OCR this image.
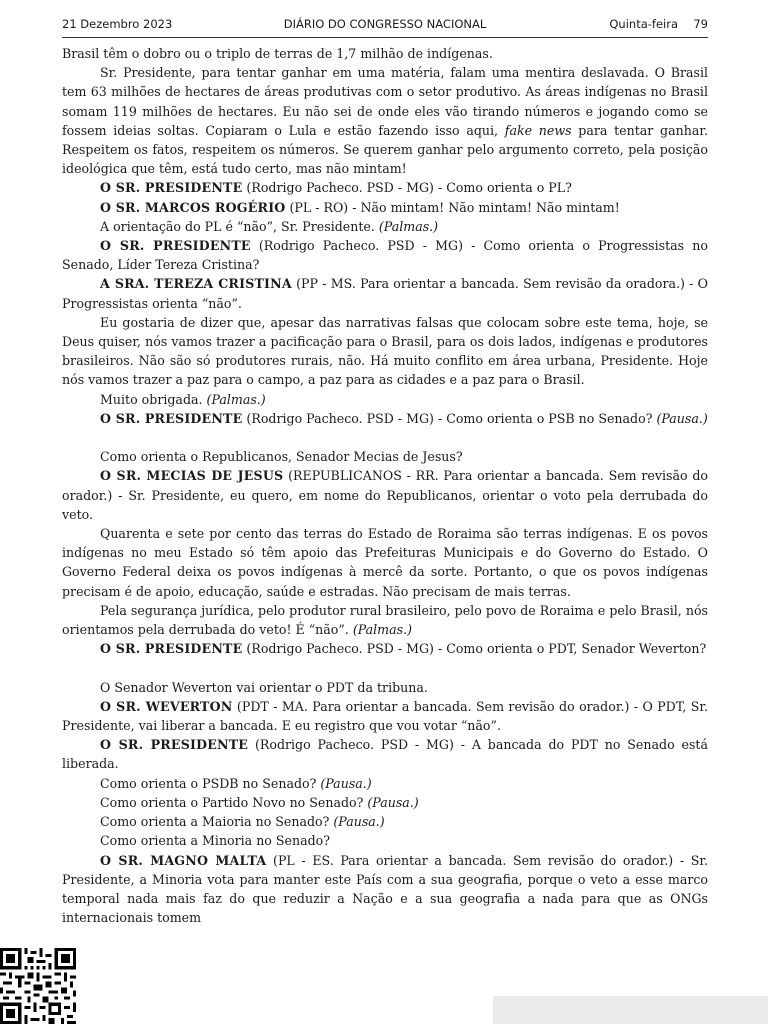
21 Dezembro 2023	DIÁRIO DO CONGRESSO NACIONAL	Quinta-feira 79

Brasil têm o dobro ou o triplo de terras de 1,7 milhão de indígenas.

Sr. Presidente, para tentar ganhar em uma matéria, falam uma mentira deslavada. O Brasil tem 63 milhões de hectares de áreas produtivas com o setor produtivo. As áreas indígenas no Brasil somam 119 milhões de hectares. Eu não sei de onde eles vão tirando números e jogando como se fossem ideias soltas. Copiaram o Lula e estão fazendo isso aqui, fake news para tentar ganhar. Respeitem os fatos, respeitem os números. Se querem ganhar pelo argumento correto, pela posição ideológica que têm, está tudo certo, mas não mintam!

O SR. PRESIDENTE (Rodrigo Pacheco. PSD - MG) - Como orienta o PL?

O SR. MARCOS ROGÉRIO (PL - RO) - Não mintam! Não mintam! Não mintam!

A orientação do PL é “não”, Sr. Presidente. (Palmas.)

O SR. PRESIDENTE (Rodrigo Pacheco. PSD - MG) - Como orienta o Progressistas no Senado, Líder Tereza Cristina?

A SRA. TEREZA CRISTINA (PP - MS. Para orientar a bancada. Sem revisão da oradora.) - O Progressistas orienta “não”.

Eu gostaria de dizer que, apesar das narrativas falsas que colocam sobre este tema, hoje, se Deus quiser, nós vamos trazer a pacificação para o Brasil, para os dois lados, indígenas e produtores brasileiros. Não são só produtores rurais, não. Há muito conflito em área urbana, Presidente. Hoje nós vamos trazer a paz para o campo, a paz para as cidades e a paz para o Brasil.

Muito obrigada. (Palmas.)

O SR. PRESIDENTE (Rodrigo Pacheco. PSD - MG) - Como orienta o PSB no Senado? (Pausa.)

Como orienta o Republicanos, Senador Mecias de Jesus?

O SR. MECIAS DE JESUS (REPUBLICANOS - RR. Para orientar a bancada. Sem revisão do orador.) - Sr. Presidente, eu quero, em nome do Republicanos, orientar o voto pela derrubada do veto.

Quarenta e sete por cento das terras do Estado de Roraima são terras indígenas. E os povos indígenas no meu Estado só têm apoio das Prefeituras Municipais e do Governo do Estado. O Governo Federal deixa os povos indígenas à mercê da sorte. Portanto, o que os povos indígenas precisam é de apoio, educação, saúde e estradas. Não precisam de mais terras.

Pela segurança jurídica, pelo produtor rural brasileiro, pelo povo de Roraima e pelo Brasil, nós orientamos pela derrubada do veto! É “não”. (Palmas.)

O SR. PRESIDENTE (Rodrigo Pacheco. PSD - MG) - Como orienta o PDT, Senador Weverton?

O Senador Weverton vai orientar o PDT da tribuna.

O SR. WEVERTON (PDT - MA. Para orientar a bancada. Sem revisão do orador.) - O PDT, Sr. Presidente, vai liberar a bancada. E eu registro que vou votar “não”.

O SR. PRESIDENTE (Rodrigo Pacheco. PSD - MG) - A bancada do PDT no Senado está liberada.

Como orienta o PSDB no Senado? (Pausa.)

Como orienta o Partido Novo no Senado? (Pausa.)

Como orienta a Maioria no Senado? (Pausa.)

Como orienta a Minoria no Senado?

O SR. MAGNO MALTA (PL - ES. Para orientar a bancada. Sem revisão do orador.) - Sr. Presidente, a Minoria vota para manter este País com a sua geografia, porque o veto a esse marco temporal nada mais faz do que reduzir a Nação e a sua geografia a nada para que as ONGs internacionais tomem
